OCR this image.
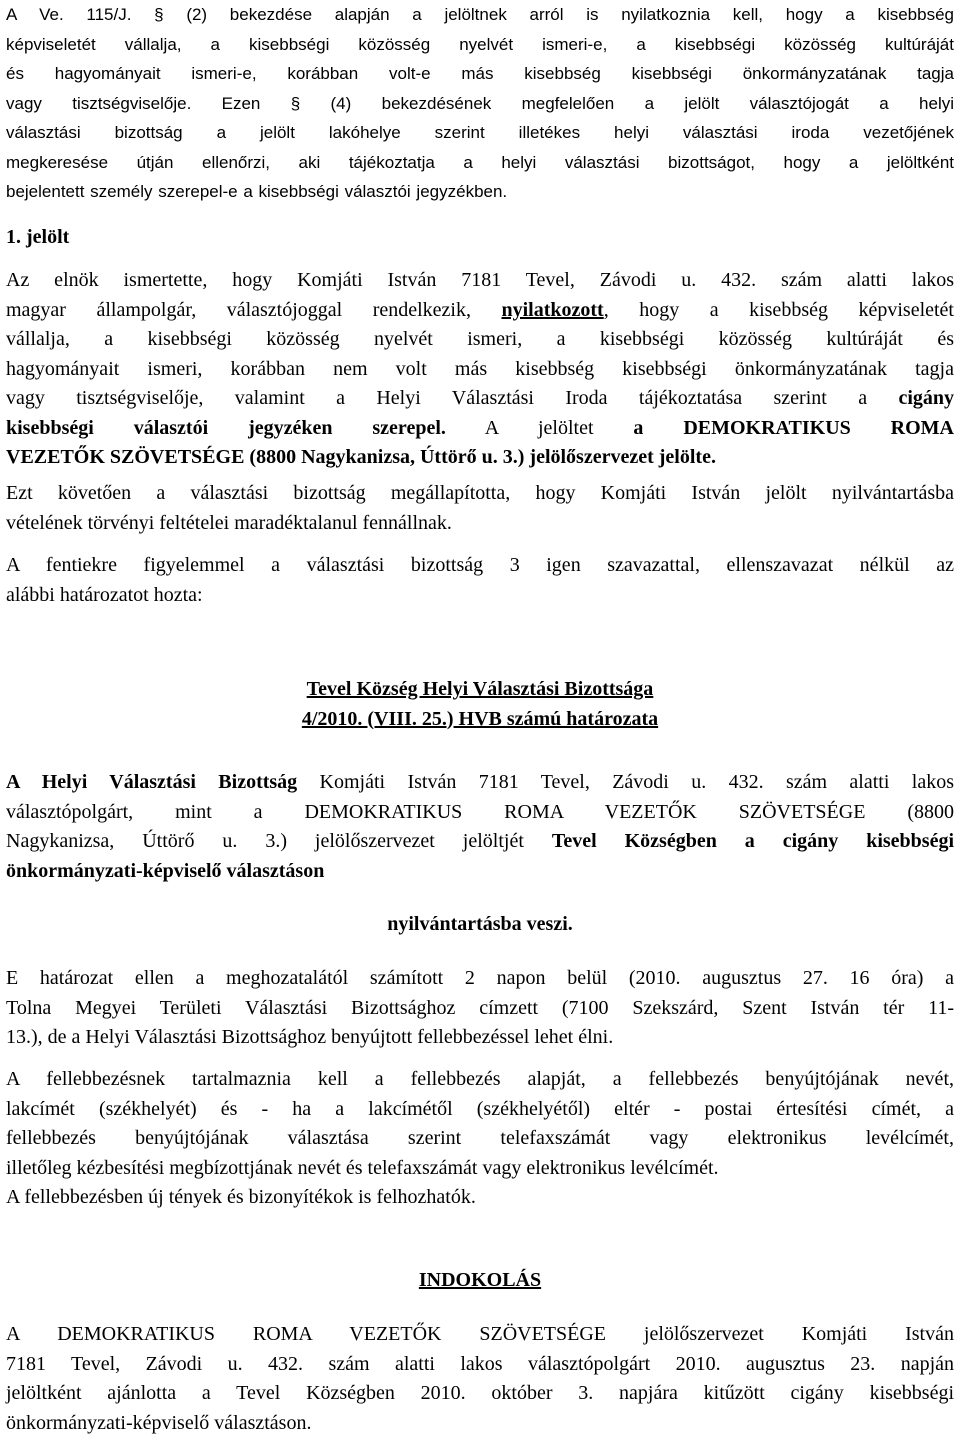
A Ve. 115/J. § (2) bekezdése alapján a jelöltnek arról is nyilatkoznia kell, hogy a kisebbség
képviseletét vállalja, a kisebbségi közösség nyelvét ismeri-e, a kisebbségi közösség kultúráját
és hagyományait ismeri-e, korábban volt-e más kisebbség kisebbségi önkormányzatának tagja
vagy tisztségviselője. Ezen § (4) bekezdésének megfelelően a jelölt választójogát a helyi
választási bizottság a jelölt lakóhelye szerint illetékes helyi választási iroda vezetőjének
megkeresése útján ellenőrzi, aki tájékoztatja a helyi választási bizottságot, hogy a jelöltként
bejelentett személy szerepel-e a kisebbségi választói jegyzékben.
1. jelölt
Az elnök ismertette, hogy Komjáti István 7181 Tevel, Závodi u. 432. szám alatti lakos
magyar állampolgár, választójoggal rendelkezik, nyilatkozott, hogy a kisebbség képviseletét
vállalja, a kisebbségi közösség nyelvét ismeri, a kisebbségi közösség kultúráját és
hagyományait ismeri, korábban nem volt más kisebbség kisebbségi önkormányzatának tagja
vagy tisztségviselője, valamint a Helyi Választási Iroda tájékoztatása szerint a cigány
kisebbségi választói jegyzéken szerepel. A jelöltet a DEMOKRATIKUS ROMA
VEZETŐK SZÖVETSÉGE (8800 Nagykanizsa, Úttörő u. 3.) jelölőszervezet jelölte.
Ezt követően a választási bizottság megállapította, hogy Komjáti István jelölt nyilvántartásba
vételének törvényi feltételei maradéktalanul fennállnak.
A fentiekre figyelemmel a választási bizottság 3 igen szavazattal, ellenszavazat nélkül az
alábbi határozatot hozta:
Tevel Község Helyi Választási Bizottsága
4/2010. (VIII. 25.) HVB számú határozata
A Helyi Választási Bizottság Komjáti István 7181 Tevel, Závodi u. 432. szám alatti lakos
választópolgárt, mint a DEMOKRATIKUS ROMA VEZETŐK SZÖVETSÉGE (8800
Nagykanizsa, Úttörő u. 3.) jelölőszervezet jelöltjét Tevel Községben a cigány kisebbségi
önkormányzati-képviselő választáson
nyilvántartásba veszi.
E határozat ellen a meghozatalától számított 2 napon belül (2010. augusztus 27. 16 óra) a
Tolna Megyei Területi Választási Bizottsághoz címzett (7100 Szekszárd, Szent István tér 11-
13.), de a Helyi Választási Bizottsághoz benyújtott fellebbezéssel lehet élni.
A fellebbezésnek tartalmaznia kell a fellebbezés alapját, a fellebbezés benyújtójának nevét,
lakcímét (székhelyét) és - ha a lakcímétől (székhelyétől) eltér - postai értesítési címét, a
fellebbezés benyújtójának választása szerint telefaxszámát vagy elektronikus levélcímét,
illetőleg kézbesítési megbízottjának nevét és telefaxszámát vagy elektronikus levélcímét.
A fellebbezésben új tények és bizonyítékok is felhozhatók.
INDOKOLÁS
A DEMOKRATIKUS ROMA VEZETŐK SZÖVETSÉGE jelölőszervezet Komjáti István
7181 Tevel, Závodi u. 432. szám alatti lakos választópolgárt 2010. augusztus 23. napján
jelöltként ajánlotta a Tevel Községben 2010. október 3. napjára kitűzött cigány kisebbségi
önkormányzati-képviselő választáson.
